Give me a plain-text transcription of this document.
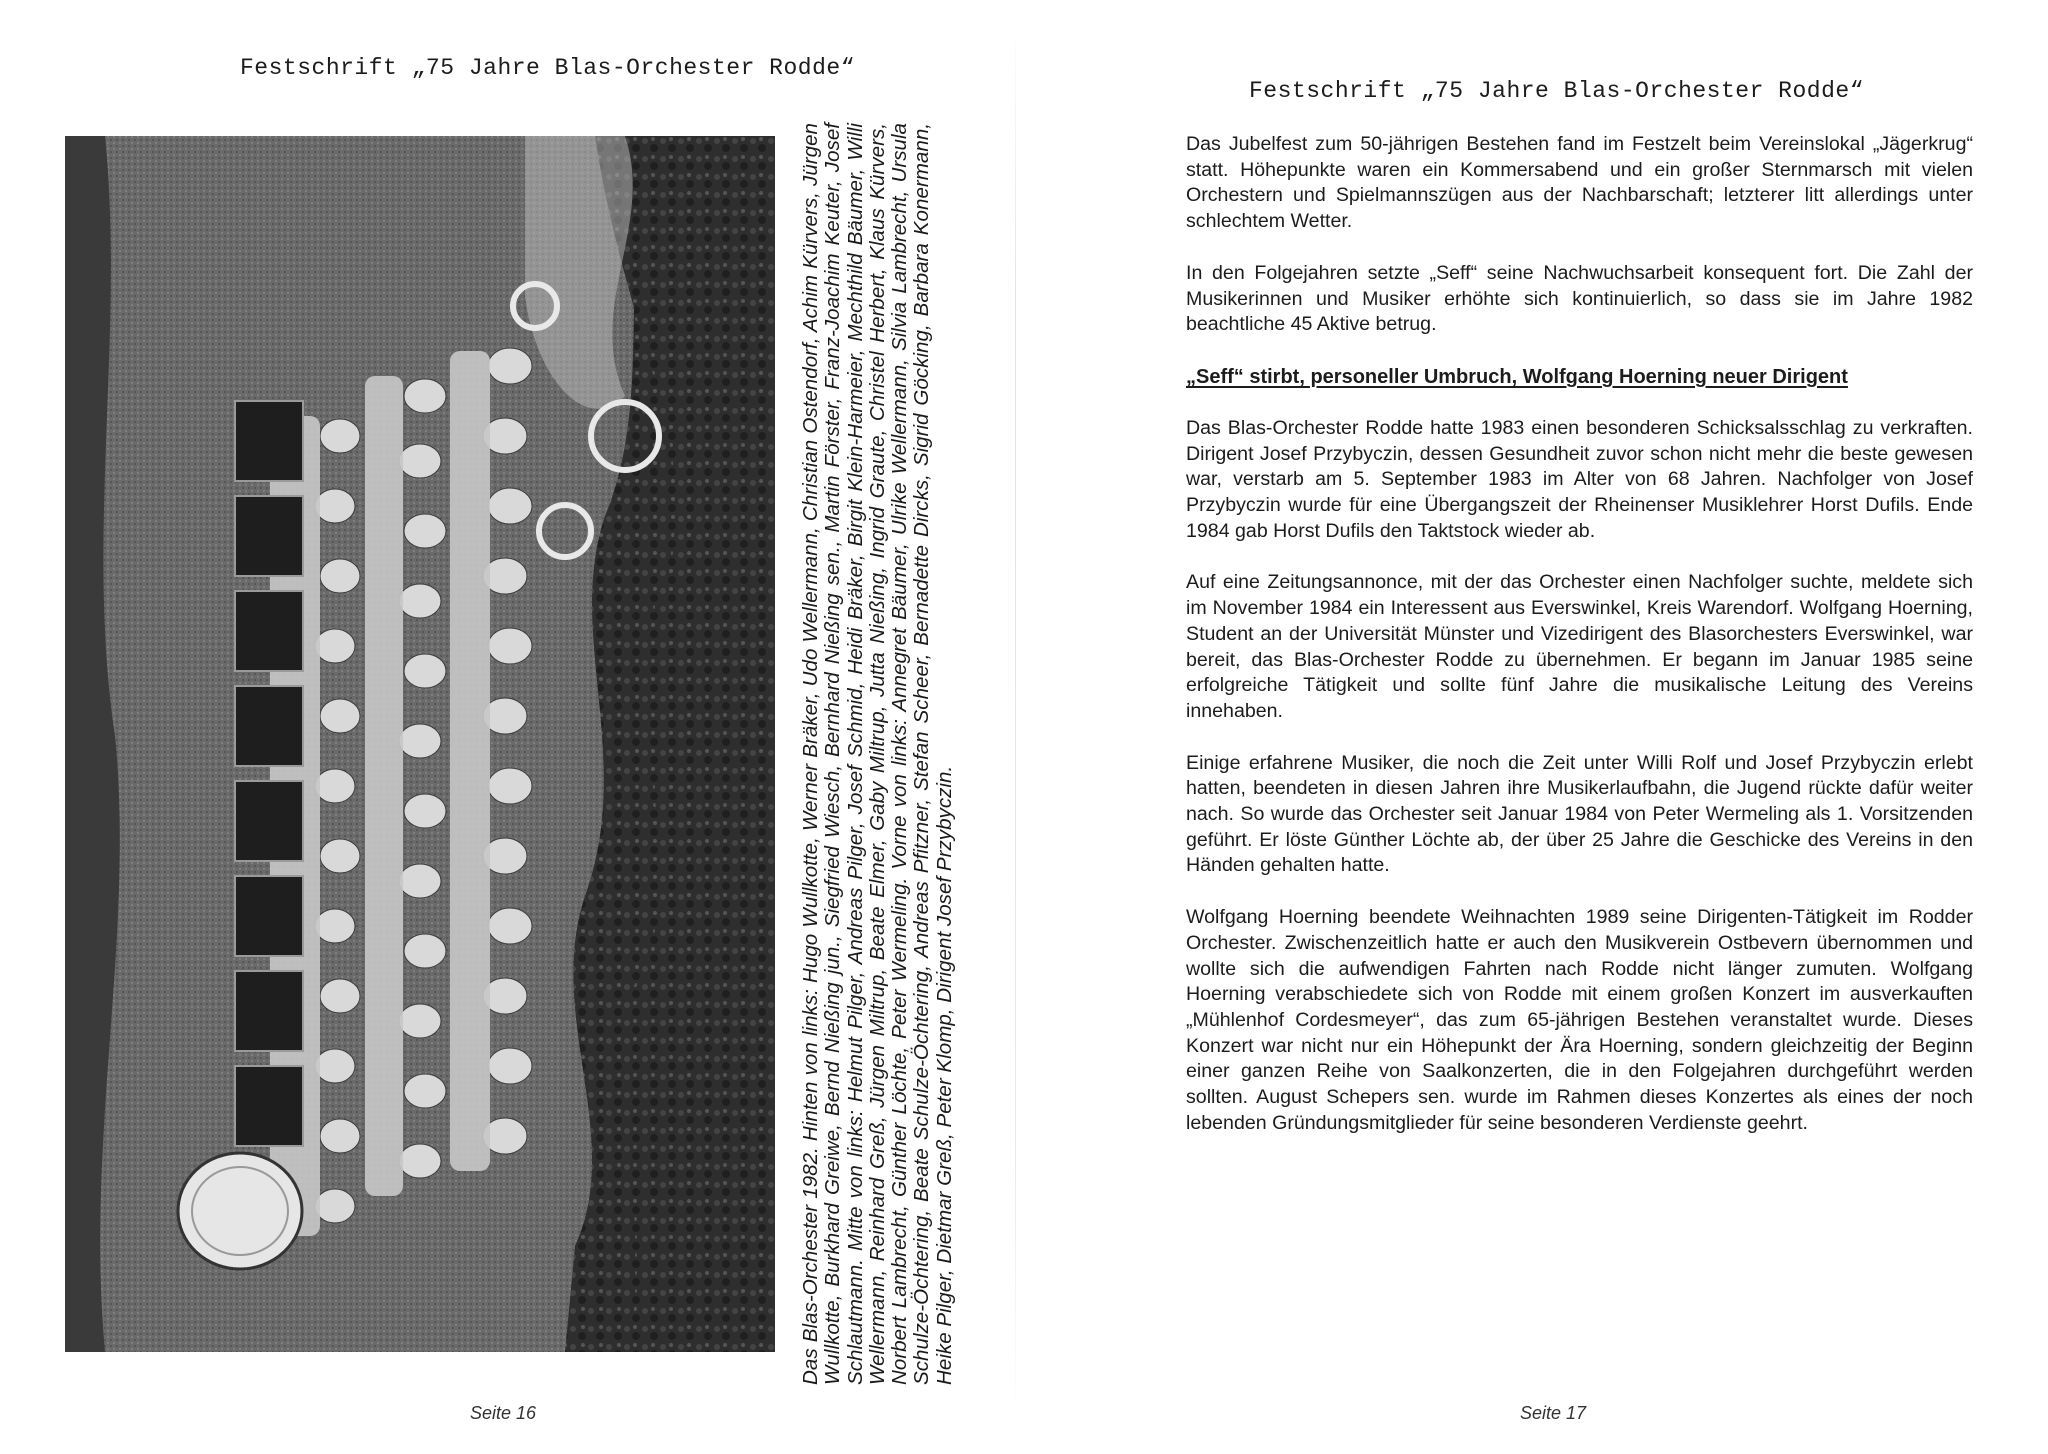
Festschrift „75 Jahre Blas-Orchester Rodde“
Das Blas-Orchester 1982. Hinten von links: Hugo Wullkotte, Werner Bräker, Udo Wellermann, Christian Ostendorf, Achim Kürvers, Jürgen Wullkotte, Burkhard Greiwe, Bernd Nießing jun., Siegfried Wiesch, Bernhard Nießing sen., Martin Förster, Franz-Joachim Keuter, Josef Schlautmann. Mitte von links: Helmut Pilger, Andreas Pilger, Josef Schmid, Heidi Bräker, Birgit Klein-Harmeier, Mechthild Bäumer, Willi Wellermann, Reinhard Greß, Jürgen Miltrup, Beate Elmer, Gaby Miltrup, Jutta Nießing, Ingrid Graute, Christel Herbert, Klaus Kürvers, Norbert Lambrecht, Günther Löchte, Peter Wermeling. Vorne von links: Annegret Bäumer, Ulrike Wellermann, Silvia Lambrecht, Ursula Schulze-Öchtering, Beate Schulze-Öchtering, Andreas Pfitzner, Stefan Scheer, Bernadette Dircks, Sigrid Göcking, Barbara Konermann, Heike Pilger, Dietmar Greß, Peter Klomp, Dirigent Josef Przybyczin.
Seite 16
Festschrift „75 Jahre Blas-Orchester Rodde“

Das Jubelfest zum 50-jährigen Bestehen fand im Festzelt beim Vereinslokal „Jägerkrug“ statt. Höhepunkte waren ein Kommersabend und ein großer Sternmarsch mit vielen Orchestern und Spielmannszügen aus der Nachbarschaft; letzterer litt allerdings unter schlechtem Wetter.

In den Folgejahren setzte „Seff“ seine Nachwuchsarbeit konsequent fort. Die Zahl der Musikerinnen und Musiker erhöhte sich kontinuierlich, so dass sie im Jahre 1982 beachtliche 45 Aktive betrug.

„Seff“ stirbt, personeller Umbruch, Wolfgang Hoerning neuer Dirigent

Das Blas-Orchester Rodde hatte 1983 einen besonderen Schicksalsschlag zu verkraften. Dirigent Josef Przybyczin, dessen Gesundheit zuvor schon nicht mehr die beste gewesen war, verstarb am 5. September 1983 im Alter von 68 Jahren. Nachfolger von Josef Przybyczin wurde für eine Übergangszeit der Rheinenser Musiklehrer Horst Dufils. Ende 1984 gab Horst Dufils den Taktstock wieder ab.

Auf eine Zeitungsannonce, mit der das Orchester einen Nachfolger suchte, meldete sich im November 1984 ein Interessent aus Everswinkel, Kreis Warendorf. Wolfgang Hoerning, Student an der Universität Münster und Vizedirigent des Blasorchesters Everswinkel, war bereit, das Blas-Orchester Rodde zu übernehmen. Er begann im Januar 1985 seine erfolgreiche Tätigkeit und sollte fünf Jahre die musikalische Leitung des Vereins innehaben.

Einige erfahrene Musiker, die noch die Zeit unter Willi Rolf und Josef Przybyczin erlebt hatten, beendeten in diesen Jahren ihre Musikerlaufbahn, die Jugend rückte dafür weiter nach. So wurde das Orchester seit Januar 1984 von Peter Wermeling als 1. Vorsitzenden geführt. Er löste Günther Löchte ab, der über 25 Jahre die Geschicke des Vereins in den Händen gehalten hatte.

Wolfgang Hoerning beendete Weihnachten 1989 seine Dirigenten-Tätigkeit im Rodder Orchester. Zwischenzeitlich hatte er auch den Musikverein Ostbevern übernommen und wollte sich die aufwendigen Fahrten nach Rodde nicht länger zumuten. Wolfgang Hoerning verabschiedete sich von Rodde mit einem großen Konzert im ausverkauften „Mühlenhof Cordesmeyer“, das zum 65-jährigen Bestehen veranstaltet wurde. Dieses Konzert war nicht nur ein Höhepunkt der Ära Hoerning, sondern gleichzeitig der Beginn einer ganzen Reihe von Saalkonzerten, die in den Folgejahren durchgeführt werden sollten. August Schepers sen. wurde im Rahmen dieses Konzertes als eines der noch lebenden Gründungsmitglieder für seine besonderen Verdienste geehrt.

Seite 17
